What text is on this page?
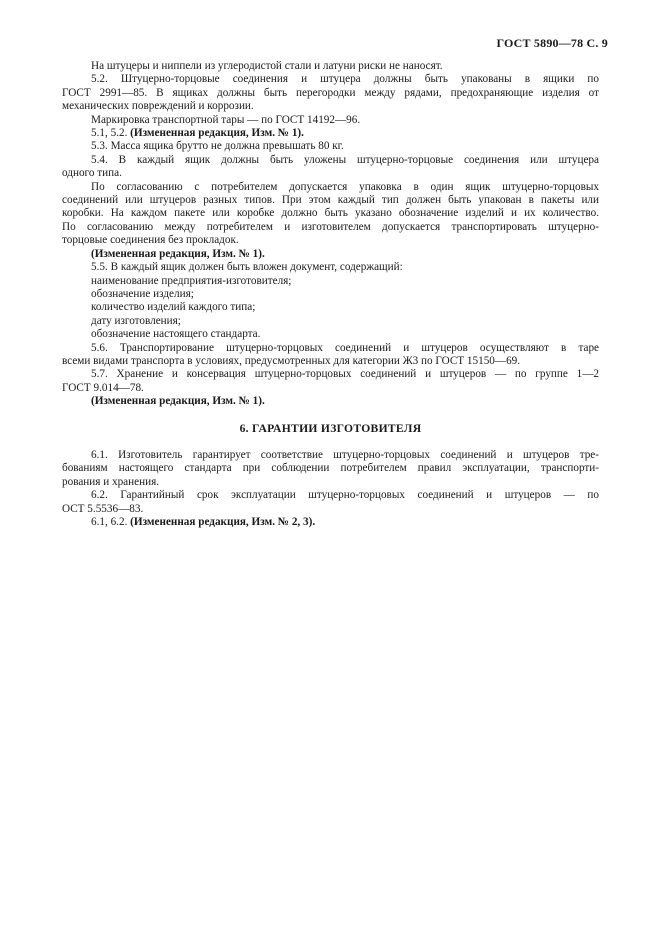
ГОСТ 5890—78 С. 9
На штуцеры и ниппели из углеродистой стали и латуни риски не наносят.
5.2. Штуцерно-торцовые соединения и штуцера должны быть упакованы в ящики по
ГОСТ 2991—85. В ящиках должны быть перегородки между рядами, предохраняющие изделия от
механических повреждений и коррозии.
Маркировка транспортной тары — по ГОСТ 14192—96.
5.1, 5.2. (Измененная редакция, Изм. № 1).
5.3. Масса ящика брутто не должна превышать 80 кг.
5.4. В каждый ящик должны быть уложены штуцерно-торцовые соединения или штуцера
одного типа.
По согласованию с потребителем допускается упаковка в один ящик штуцерно-торцовых
соединений или штуцеров разных типов. При этом каждый тип должен быть упакован в пакеты или
коробки. На каждом пакете или коробке должно быть указано обозначение изделий и их количество.
По согласованию между потребителем и изготовителем допускается транспортировать штуцерно-
торцовые соединения без прокладок.
(Измененная редакция, Изм. № 1).
5.5. В каждый ящик должен быть вложен документ, содержащий:
наименование предприятия-изготовителя;
обозначение изделия;
количество изделий каждого типа;
дату изготовления;
обозначение настоящего стандарта.
5.6. Транспортирование штуцерно-торцовых соединений и штуцеров осуществляют в таре
всеми видами транспорта в условиях, предусмотренных для категории Ж3 по ГОСТ 15150—69.
5.7. Хранение и консервация штуцерно-торцовых соединений и штуцеров — по группе 1—2
ГОСТ 9.014—78.
(Измененная редакция, Изм. № 1).
6. ГАРАНТИИ ИЗГОТОВИТЕЛЯ
6.1. Изготовитель гарантирует соответствие штуцерно-торцовых соединений и штуцеров тре-
бованиям настоящего стандарта при соблюдении потребителем правил эксплуатации, транспорти-
рования и хранения.
6.2. Гарантийный срок эксплуатации штуцерно-торцовых соединений и штуцеров — по
ОСТ 5.5536—83.
6.1, 6.2. (Измененная редакция, Изм. № 2, 3).
